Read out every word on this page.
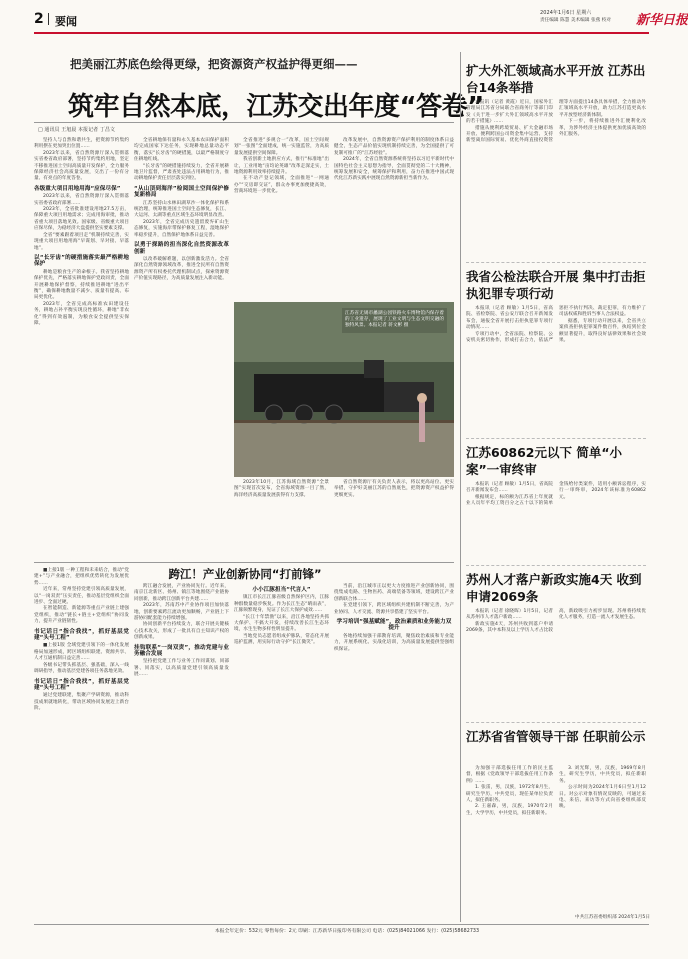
2 要闻
2024年1月6日 星期六
责任编辑 陈慧 美术编辑 张燕 校对	新华日报
把美丽江苏底色绘得更绿，把资源资产权益护得更细——
筑牢自然本底，江苏交出年度“答卷”
□ 通讯员 王旭晨 本报记者 丁昌文

坚持人与自然和谐共生，把资源节约集约利用摆在更加突出位置……

2023年以来，省自然资源厅深入贯彻落实省委省政府部署，坚持节约集约用地，坚定不移推进国土空间高质量开发保护，全力服务保障经济社会高质量发展，交出了一份有分量、有亮点的年度答卷。

各级重大项目用地用海“应保尽保”

2023年以来，省自然资源厅深入贯彻落实省委省政府部署……

2023年，全省批准建设用地27.5万亩，保障重大项目用地需求；完成用海审批，推动省重大项目落地见效。国家级、省级重大项目应保尽保，为稳经济大盘提供坚实要素支撑。

全省“要素跟着项目走”机制持续完善，实现重大项目用地用海“早谋划、早对接、早落地”。

以“长牙齿”的硬措施落实最严格耕地保护

耕地是粮食生产的命根子。我省坚持耕地保护优先，严格落实耕地保护党政同责，全面开展耕地保护督察，持续推进耕地“进出平衡”，确保耕地数量不减少、质量有提高、布局更优化。

2023年，全省完成高标准农田建设任务，耕地占补平衡实现良性循环，耕地“非农化”得到有效遏制，为粮食安全提供坚实保障。

全省耕地保有量和永久基本农田保护面积均完成国家下达任务，实现耕地总量动态平衡，落实“长牙齿”的硬措施，以最严格制度守住耕地红线。

“长牙齿”的硬措施持续发力，全省开展耕地卫片监督，严肃查处违法占用耕地行为，推动耕地保护责任层层落实到位。

“从山顶到海洋”检阅国土空间保护修复新格局

江苏坚持山水林田湖草沙一体化保护和系统治理，统筹推进国土空间生态修复，长江、大运河、太湖等重点区域生态环境明显改善。

2023年，全省完成历史遗留废弃矿山生态修复，实施海岸带保护修复工程，湿地保护率稳步提升，自然保护地体系日益完善。

以勇于探路的担当深化自然资源改革创新

以改革破解难题，以创新激发活力。全省深化自然资源领域改革，推进全民所有自然资源资产所有权委托代理机制试点，探索资源资产价值实现路径，为高质量发展注入新动能。

全省推进“多规合一”改革，国土空间规划“一张图”全面建成，统一实施监管，为高质量发展提供空间保障。

我省创新土地供应方式，推行“标准地”出让，工业用地“亩均论英雄”改革走深走实，土地资源利用效率持续提升。

在不动产登记领域，全面推进“一网通办”“交房即交证”，群众办事更加便捷高效，营商环境进一步优化。

改革发展中，自然资源资产保护利用的制度体系日益健全，生态产品价值实现机制持续完善，为全国提供了可复制可推广的“江苏经验”。

2024年，全省自然资源系统将坚持以习近平新时代中国特色社会主义思想为指导，全面贯彻党的二十大精神，统筹发展和安全，统筹保护和利用，奋力在推进中国式现代化江苏新实践中展现自然资源新担当新作为。

江苏省无锡市蠡湖公园铁路火车博物馆内保存着的工业遗存，展现了工业文明与生态文明交融的独特风景。本报记者 蒋文彬 摄

2023年10月，江苏海域自然资源“全景图”实现首次发布，全省海域资源一目了然，海洋经济高质量发展获得有力支撑。

省自然资源厅有关负责人表示，将以更高站位、更实举措，守护好美丽江苏的自然底色，把资源资产权益护得更细更实。

扩大外汇领域高水平开放 江苏出台14条举措

本报讯（记者 黄霞）近日，国家外汇管理局江苏省分局联合省商务厅等部门印发《关于进一步扩大外汇领域高水平开放的若干措施》……

措施从便利跨境贸易、扩大金融市场开放、便利跨国公司资金集中运营、支持新型离岸国际贸易、优化外商直接投资管理等方面提出14条具体举措，全力推动外汇领域高水平开放，助力江苏打造更高水平开放型经济新体制。

下一步，将持续推进外汇便利化改革，为涉外经济主体提供更加优质高效的外汇服务。

我省公检法联合开展 集中打击拒执犯罪专项行动

本报讯（记者 顾敏）1月5日，省高院、省检察院、省公安厅联合召开新闻发布会，通报全省开展打击拒执犯罪专项行动情况……

专项行动中，全省法院、检察院、公安机关密切协作，形成打击合力，依法严惩拒不执行判决、裁定犯罪，有力维护了司法权威和胜诉当事人合法权益。

据悉，专项行动开展以来，全省共立案侦查拒执犯罪案件数百件，执结到位金额显著提升，取得良好法律效果和社会效果。

江苏60862元以下 简单“小案”一审终审

本报讯（记者 顾敏）1月5日，省高院召开新闻发布会……

根据规定，标的额为江苏省上年度就业人员年平均工资百分之五十以下的简单金钱给付类案件，适用小额诉讼程序，实行一审终审，2024年该标准为60862元。

苏州人才落户新政实施4天 收到申请2069条

本报讯（记者 徐晓晖）1月5日，记者从苏州市人才落户新政……

新政实施4天，苏州共收到落户申请2069条，其中本科及以上学历人才占比较高，新政吸引力初步显现。苏州将持续优化人才服务，打造一流人才发展生态。

江苏省省管领导干部 任职前公示

为加强干部选拔任用工作的民主监督，根据《党政领导干部选拔任用工作条例》……

1. 张雷，男，汉族，1972年8月生，研究生学历，中共党员，现任某单位负责人，拟任新职务。

2. 王嘉森，男，汉族，1970年2月生，大学学历，中共党员，拟任新职务。

3. 刘光辉，男，汉族，1969年8月生，研究生学历，中共党员，拟任新职务。

公示时间为2024年1月6日至1月12日。对公示对象有情况反映的，可通过来电、来信、来访等方式向省委组织部反映。

中共江苏省委组织部 2024年1月5日

■上接1版 一种工程和未来结合，推动“党建+”与产业融合，把组织优势转化为发展优势……

近年来，常州坚持党建引领高质量发展，以“一岗双责”压实责任，推动基层党组织全面进步、全面过硬。

在智能制造、新能源等重点产业链上建强党组织，推动“链长+链主+党组织”协同发力，提升产业链韧性。

书记话日“指合我找”，抓好基层党建“头号工程”

■上接1版 全域党建引领下的一体化发展格局加速形成，跨区域组织联建、资源共享、人才互通机制日益完善……

各级书记带头抓基层、强基础，深入一线调研指导，推动基层党建各项任务落地见效。

书记话日“指合我找”，抓好基层党建“头号工程”

通过党建联建，集聚产学研资源，推动科技成果就地转化，带动区域协同发展迈上新台阶。

跨江！产业创新协同“打前锋”

跨江融合发展，产业协同先行。近年来，南京江北新区、扬州、镇江等地围绕产业链协同创新，推动跨江创新平台共建……

2023年，苏南苏中产业协作项目加快落地，创新要素跨江流动更加顺畅，产业链上下游协同配套能力持续增强。

协同创新平台持续发力，联合开展关键核心技术攻关，形成了一批具有自主知识产权的创新成果。

挂钩联系“一岗双责”，推动党建与业务融合发展

坚持把党建工作与业务工作同谋划、同部署、同落实，以高质量党建引领高质量发展……

小小江豚担当“代言人”

镇江市长江江豚省级自然保护区内，江豚种群数量稳步恢复。作为长江生态“晴雨表”，江豚频繁现身，见证了长江大保护成效……

“长江十年禁渔”以来，沿江各地坚持共抓大保护、不搞大开发，持续改善长江生态环境，水生生物多样性明显提升。

当地党员志愿者组成护豚队，常态化开展巡护监测，用实际行动守护“长江微笑”。

当前，沿江城市正以更大力度推进产业创新协同，围绕集成电路、生物医药、高端装备等领域，建设跨江产业创新联合体……

在党建引领下，跨区域组织共建机制不断完善，为产业协同、人才交流、资源共享搭建了坚实平台。

学习培训“强基赋能”，政治素质和业务能力双提升

各地持续加强干部教育培训，聚焦政治素质和专业能力，开展系统化、实战化培训，为高质量发展提供坚强组织保证。

本报全年定价：532元 零售每份：2元 印刷：江苏新华日报印务有限公司 电话：(025)84021066 发行：(025)58682733
